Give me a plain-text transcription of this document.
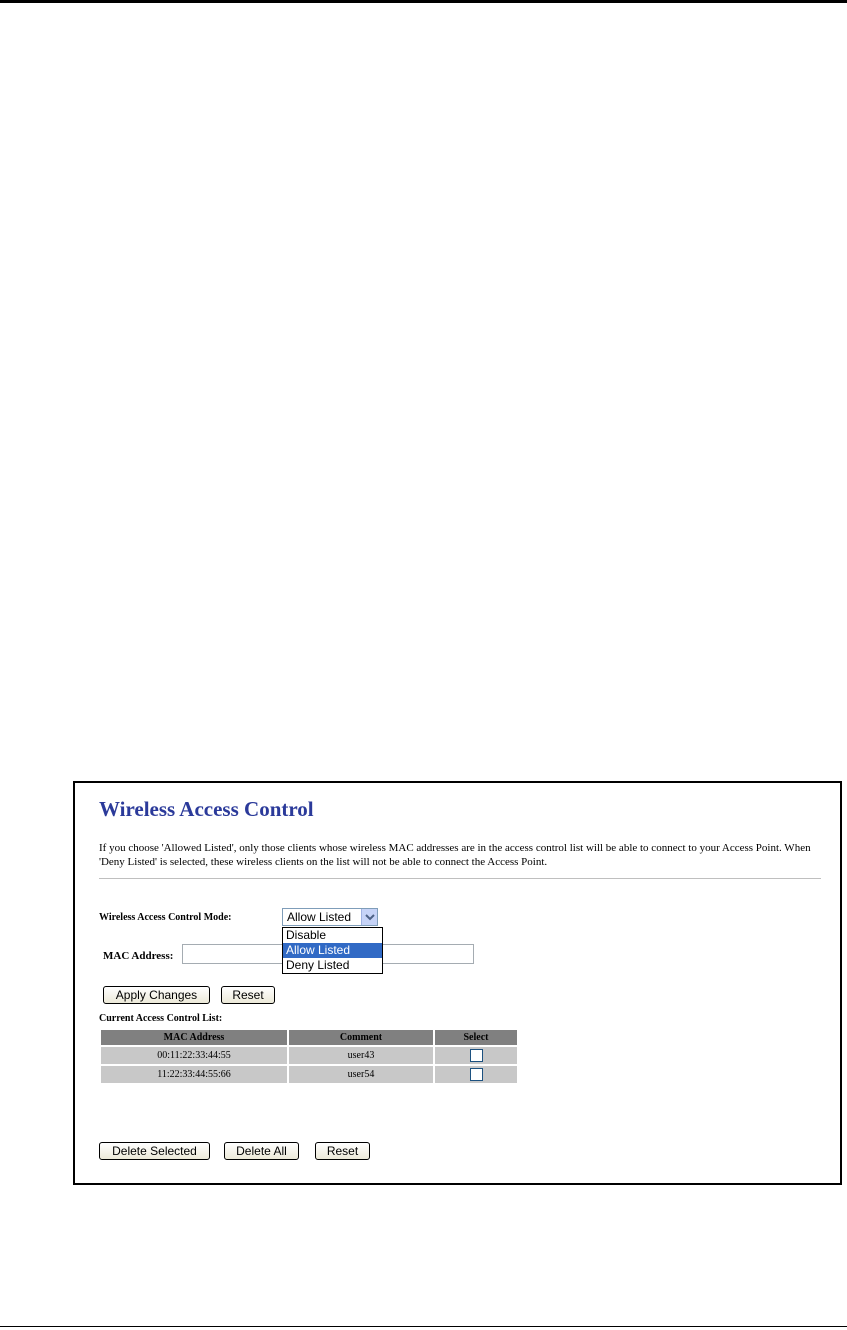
Wireless Access Control

If you choose 'Allowed Listed', only those clients whose wireless MAC addresses are in the access control list will be able to connect to your Access Point. When 'Deny Listed' is selected, these wireless clients on the list will not be able to connect the Access Point.

Wireless Access Control Mode:	Allow Listed
Disable
Allow Listed
Deny Listed
MAC Address:
Apply Changes	Reset
Current Access Control List:
MAC Address	Comment	Select
00:11:22:33:44:55	user43	
11:22:33:44:55:66	user54	
Delete Selected	Delete All	Reset
